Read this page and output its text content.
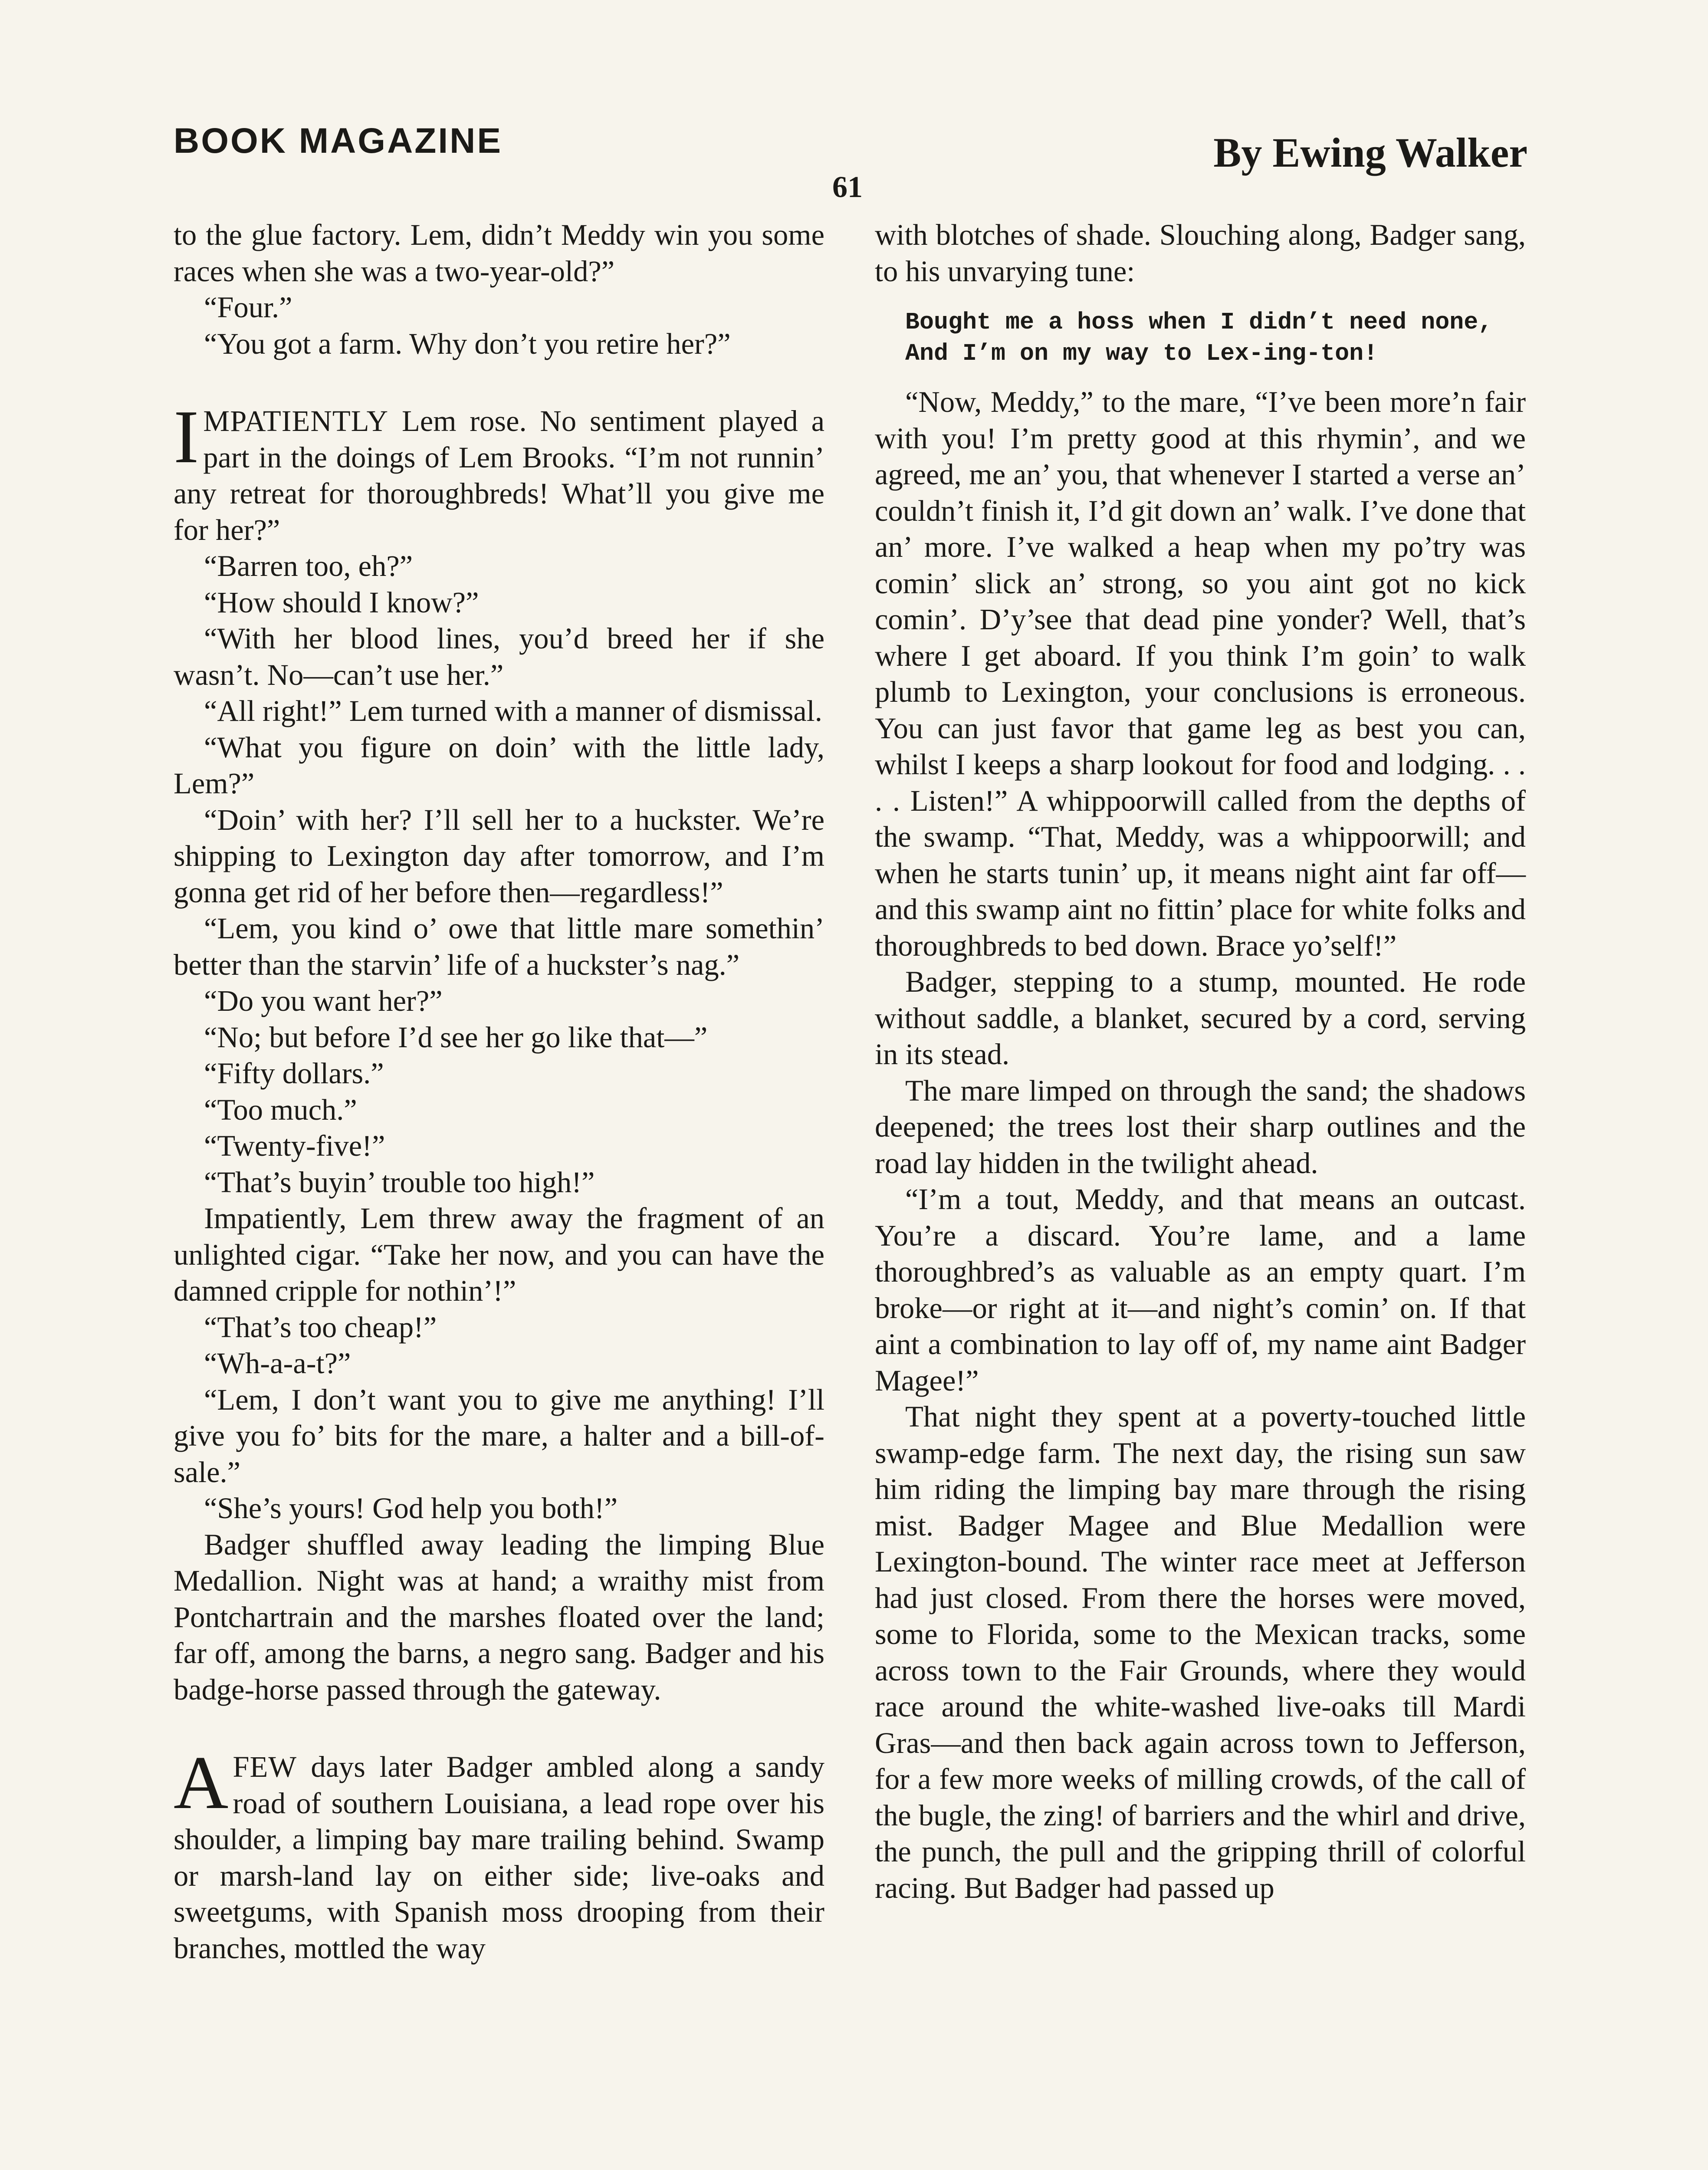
BOOK MAGAZINE	By Ewing Walker
61

to the glue factory. Lem, didn’t Meddy win you some races when she was a two-year-old?”

“Four.”

“You got a farm. Why don’t you retire her?”

IMPATIENTLY Lem rose. No sentiment played a part in the doings of Lem Brooks. “I’m not runnin’ any retreat for thoroughbreds! What’ll you give me for her?”

“Barren too, eh?”

“How should I know?”

“With her blood lines, you’d breed her if she wasn’t. No—can’t use her.”

“All right!” Lem turned with a manner of dismissal.

“What you figure on doin’ with the little lady, Lem?”

“Doin’ with her? I’ll sell her to a huckster. We’re shipping to Lexington day after tomorrow, and I’m gonna get rid of her before then—regardless!”

“Lem, you kind o’ owe that little mare somethin’ better than the starvin’ life of a huckster’s nag.”

“Do you want her?”

“No; but before I’d see her go like that—”

“Fifty dollars.”

“Too much.”

“Twenty-five!”

“That’s buyin’ trouble too high!”

Impatiently, Lem threw away the fragment of an unlighted cigar. “Take her now, and you can have the damned cripple for nothin’!”

“That’s too cheap!”

“Wh-a-a-t?”

“Lem, I don’t want you to give me anything! I’ll give you fo’ bits for the mare, a halter and a bill-of-sale.”

“She’s yours! God help you both!”

Badger shuffled away leading the limping Blue Medallion. Night was at hand; a wraithy mist from Pontchartrain and the marshes floated over the land; far off, among the barns, a negro sang. Badger and his badge-horse passed through the gateway.

AFEW days later Badger ambled along a sandy road of southern Louisiana, a lead rope over his shoulder, a limping bay mare trailing behind. Swamp or marsh-land lay on either side; live-oaks and sweetgums, with Spanish moss drooping from their branches, mottled the way

with blotches of shade. Slouching along, Badger sang, to his unvarying tune:

Bought me a hoss when I didn’t need none,
And I’m on my way to Lex-ing-ton!

“Now, Meddy,” to the mare, “I’ve been more’n fair with you! I’m pretty good at this rhymin’, and we agreed, me an’ you, that whenever I started a verse an’ couldn’t finish it, I’d git down an’ walk. I’ve done that an’ more. I’ve walked a heap when my po’try was comin’ slick an’ strong, so you aint got no kick comin’. D’y’see that dead pine yonder? Well, that’s where I get aboard. If you think I’m goin’ to walk plumb to Lexington, your conclusions is erroneous. You can just favor that game leg as best you can, whilst I keeps a sharp lookout for food and lodging. . . . . Listen!” A whippoorwill called from the depths of the swamp. “That, Meddy, was a whippoorwill; and when he starts tunin’ up, it means night aint far off—and this swamp aint no fittin’ place for white folks and thoroughbreds to bed down. Brace yo’self!”

Badger, stepping to a stump, mounted. He rode without saddle, a blanket, secured by a cord, serving in its stead.

The mare limped on through the sand; the shadows deepened; the trees lost their sharp outlines and the road lay hidden in the twilight ahead.

“I’m a tout, Meddy, and that means an outcast. You’re a discard. You’re lame, and a lame thoroughbred’s as valuable as an empty quart. I’m broke—or right at it—and night’s comin’ on. If that aint a combination to lay off of, my name aint Badger Magee!”

That night they spent at a poverty-touched little swamp-edge farm. The next day, the rising sun saw him riding the limping bay mare through the rising mist. Badger Magee and Blue Medallion were Lexington-bound. The winter race meet at Jefferson had just closed. From there the horses were moved, some to Florida, some to the Mexican tracks, some across town to the Fair Grounds, where they would race around the white-washed live-oaks till Mardi Gras—and then back again across town to Jefferson, for a few more weeks of milling crowds, of the call of the bugle, the zing! of barriers and the whirl and drive, the punch, the pull and the gripping thrill of colorful racing. But Badger had passed up
